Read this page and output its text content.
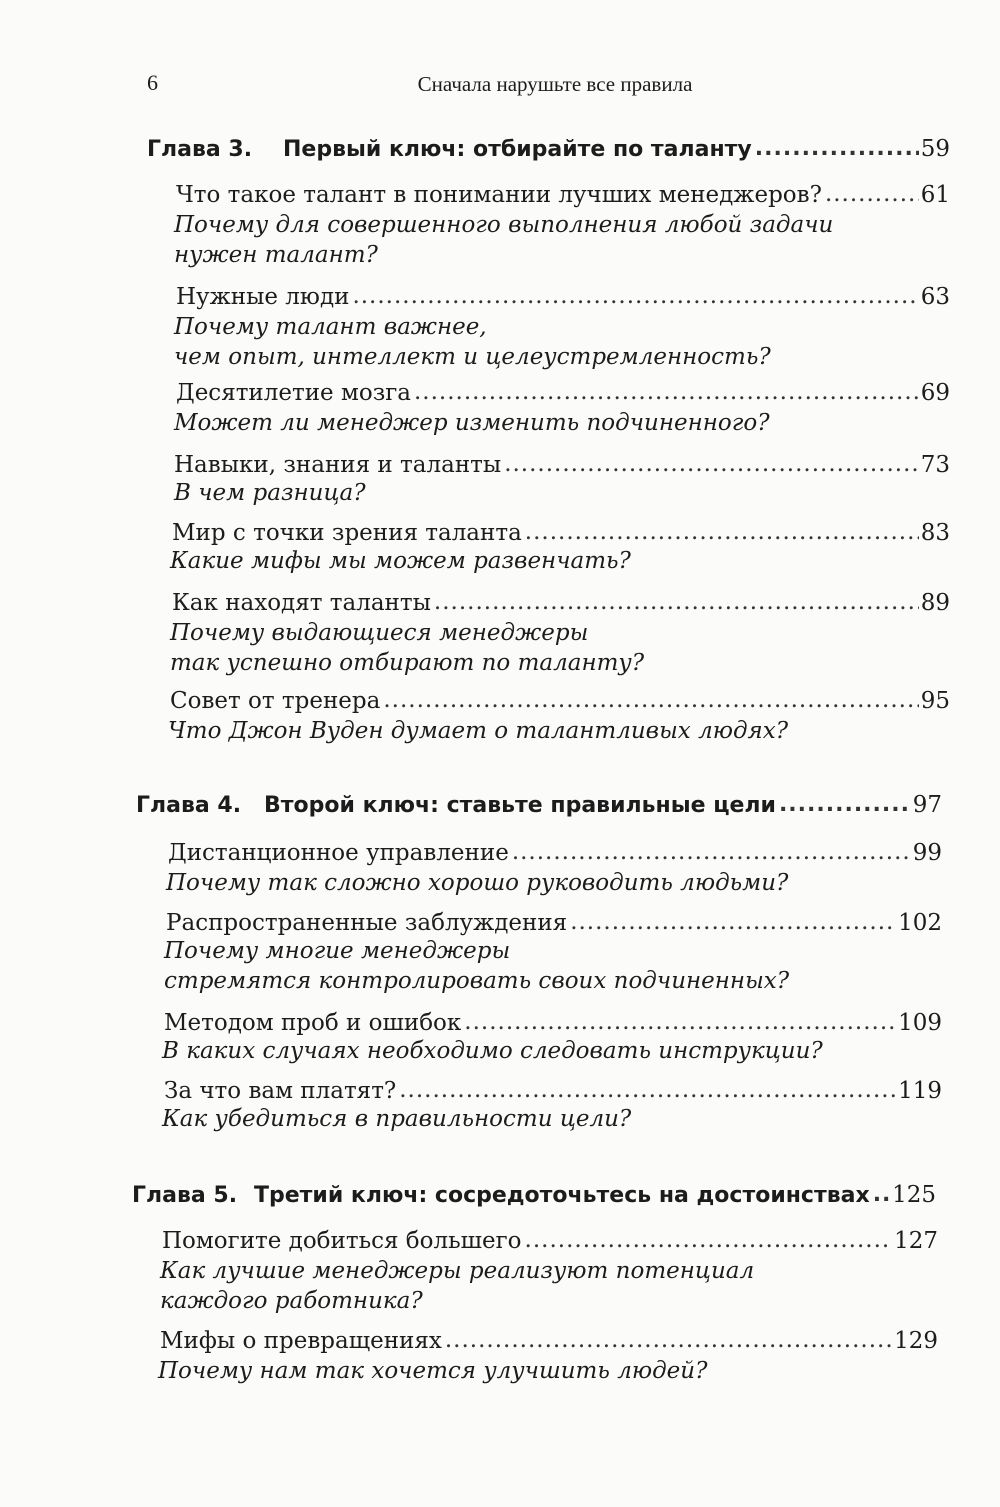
6	Сначала нарушьте все правила
Глава 3.	Первый ключ: отбирайте по таланту .....	59
Что такое талант в понимании лучших менеджеров? .....	61
Почему для совершенного выполнения любой задачи
нужен талант?
Нужные люди .....	63
Почему талант важнее,
чем опыт, интеллект и целеустремленность?
Десятилетие мозга .....	69
Может ли менеджер изменить подчиненного?
Навыки, знания и таланты .....	73
В чем разница?
Мир с точки зрения таланта .....	83
Какие мифы мы можем развенчать?
Как находят таланты .....	89
Почему выдающиеся менеджеры
так успешно отбирают по таланту?
Совет от тренера .....	95
Что Джон Вуден думает о талантливых людях?
Глава 4.	Второй ключ: ставьте правильные цели .....	97
Дистанционное управление .....	99
Почему так сложно хорошо руководить людьми?
Распространенные заблуждения .....	102
Почему многие менеджеры
стремятся контролировать своих подчиненных?
Методом проб и ошибок .....	109
В каких случаях необходимо следовать инструкции?
За что вам платят? .....	119
Как убедиться в правильности цели?
Глава 5. Третий ключ: сосредоточьтесь на достоинствах ..... 125
Помогите добиться большего .....	127
Как лучшие менеджеры реализуют потенциал
каждого работника?
Мифы о превращениях .....	129
Почему нам так хочется улучшить людей?
